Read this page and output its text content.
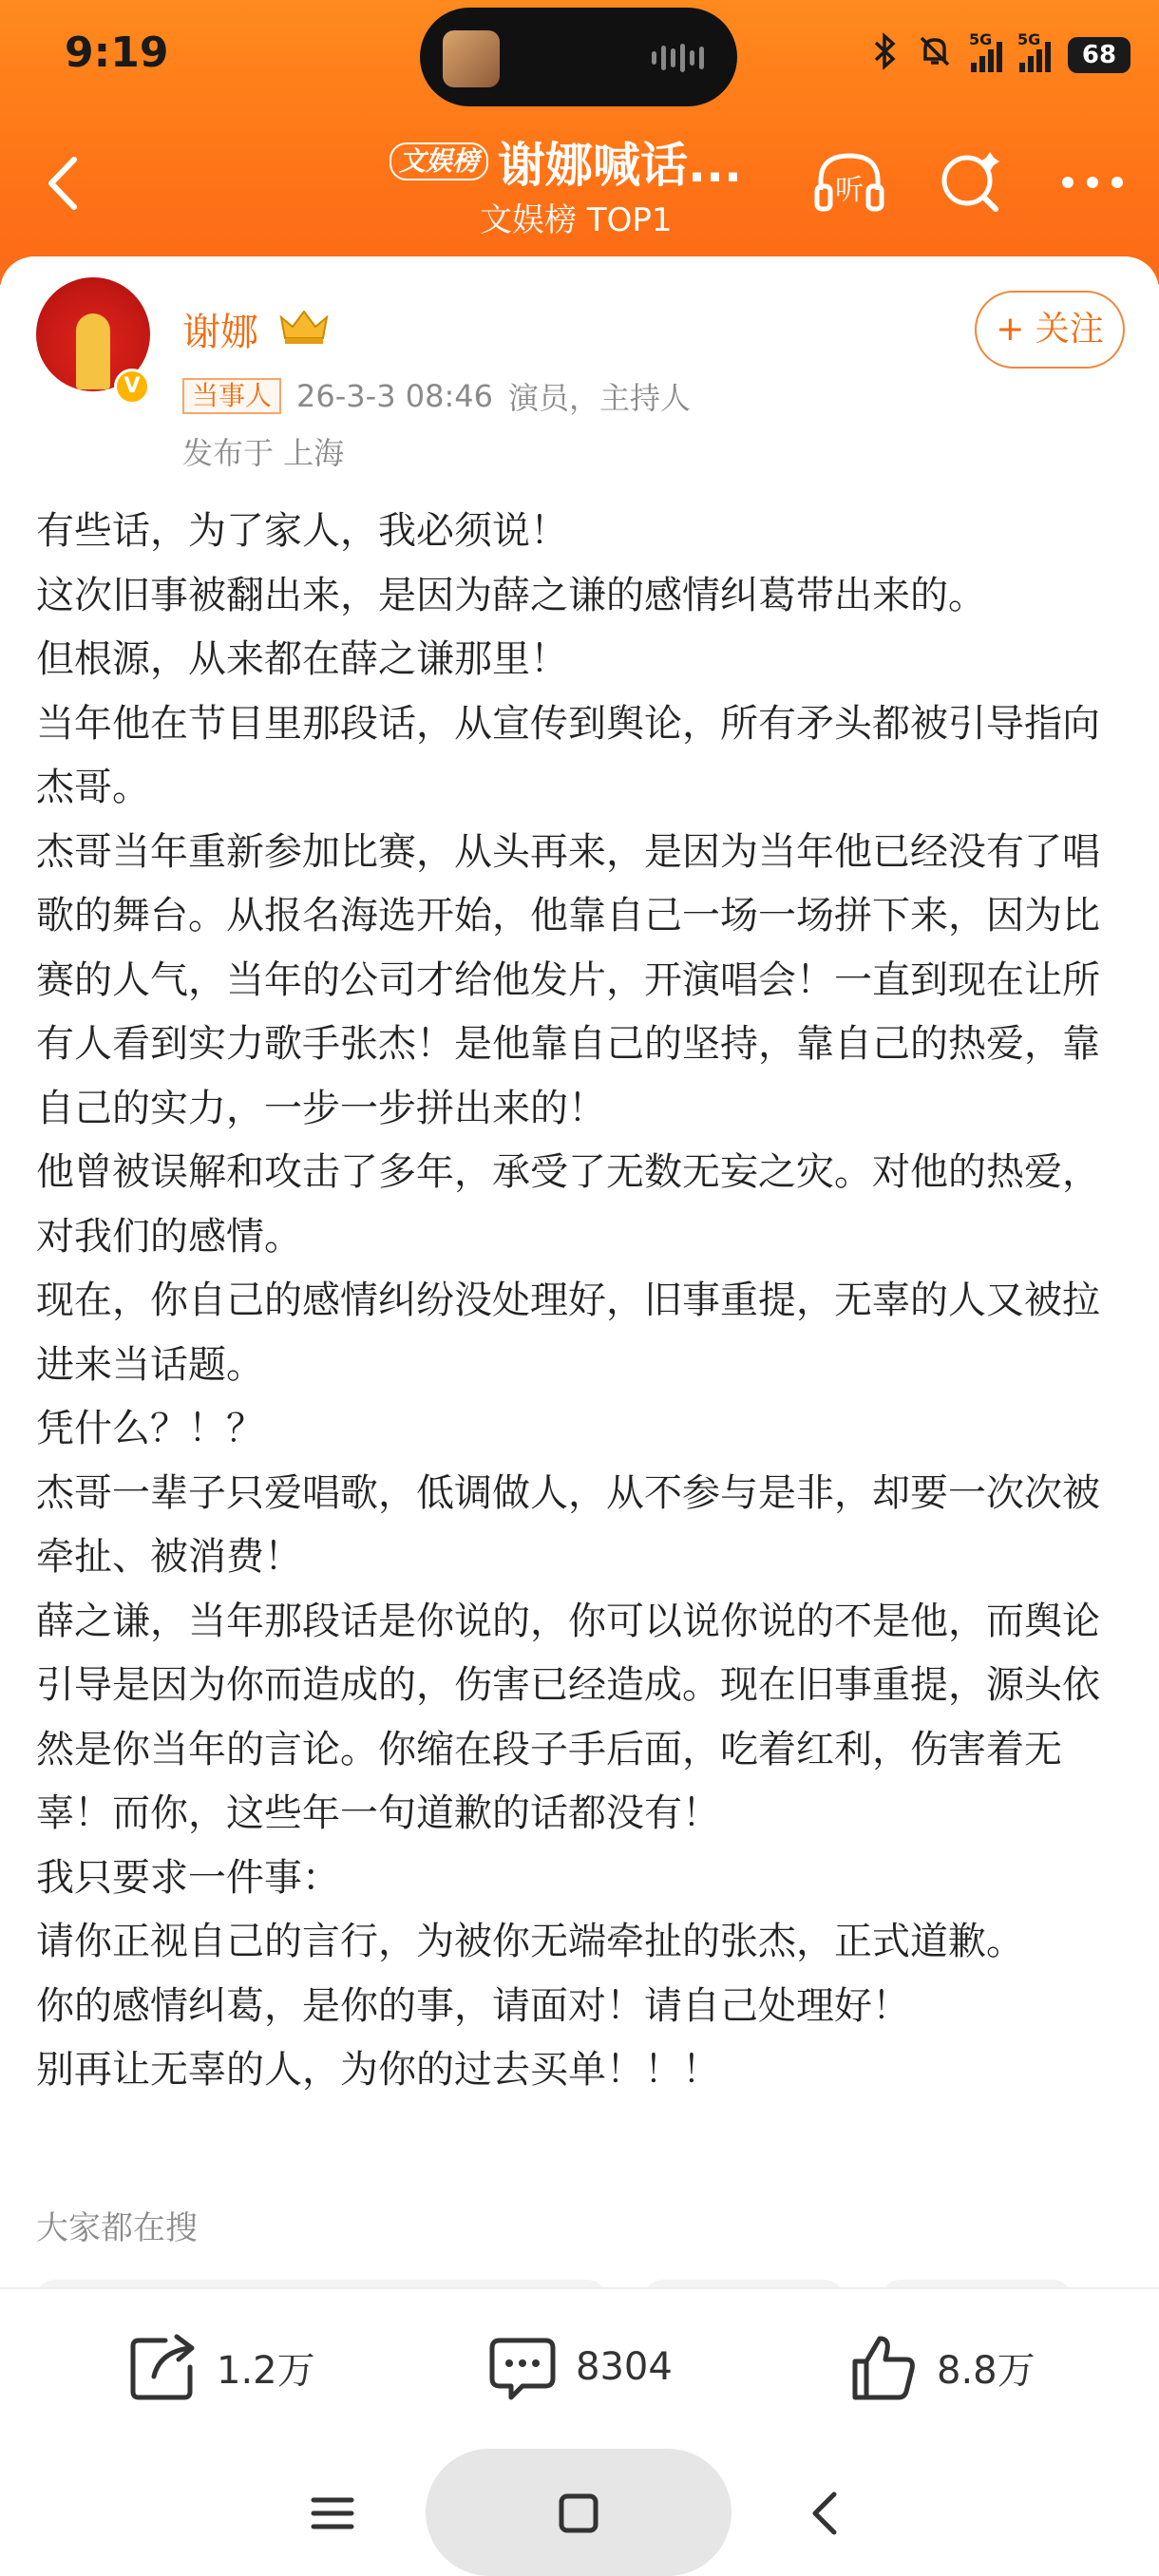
9:19	5G 5G
68
文娱榜 谢娜喊话...
文娱榜 TOP1
听
V
谢娜	+ 关注
当事人 26-3-3 08:46 演员，主持人
发布于 上海

有些话，为了家人，我必须说！

这次旧事被翻出来，是因为薛之谦的感情纠葛带出来的。

但根源，从来都在薛之谦那里！

当年他在节目里那段话，从宣传到舆论，所有矛头都被引导指向杰哥。

杰哥当年重新参加比赛，从头再来，是因为当年他已经没有了唱歌的舞台。从报名海选开始，他靠自己一场一场拼下来，因为比赛的人气，当年的公司才给他发片，开演唱会！一直到现在让所有人看到实力歌手张杰！是他靠自己的坚持，靠自己的热爱，靠自己的实力，一步一步拼出来的！

他曾被误解和攻击了多年，承受了无数无妄之灾。对他的热爱，对我们的感情。

现在，你自己的感情纠纷没处理好，旧事重提，无辜的人又被拉进来当话题。

凭什么？！？

杰哥一辈子只爱唱歌，低调做人，从不参与是非，却要一次次被牵扯、被消费！

薛之谦，当年那段话是你说的，你可以说你说的不是他，而舆论引导是因为你而造成的，伤害已经造成。现在旧事重提，源头依然是你当年的言论。你缩在段子手后面，吃着红利，伤害着无辜！而你，这些年一句道歉的话都没有！

我只要求一件事：

请你正视自己的言行，为被你无端牵扯的张杰，正式道歉。

你的感情纠葛，是你的事，请面对！请自己处理好！

别再让无辜的人，为你的过去买单！！！

大家都在搜
1.2万	8304	8.8万
